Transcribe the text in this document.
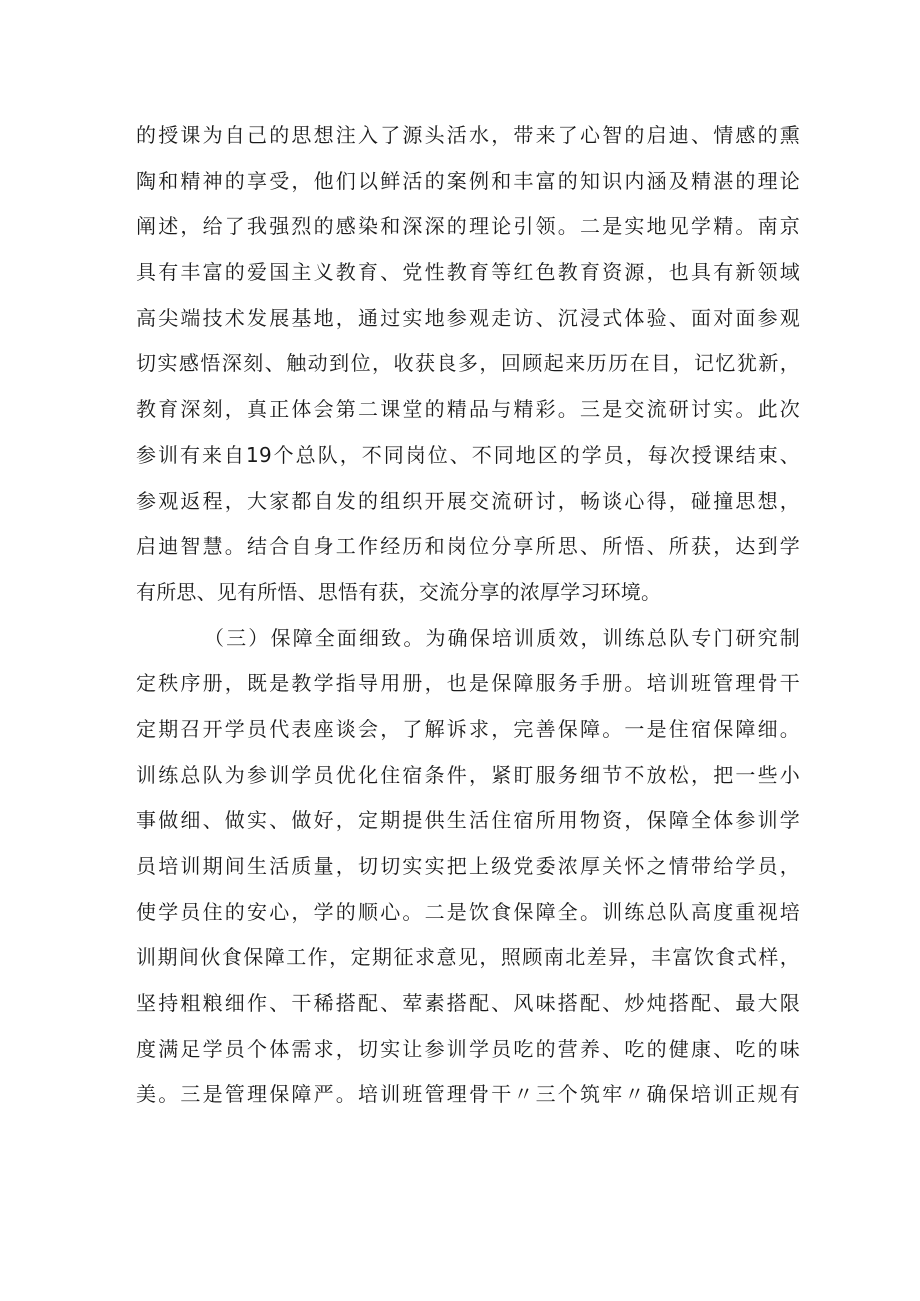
的授课为自己的思想注入了源头活水，带来了心智的启迪、情感的熏
陶和精神的享受，他们以鲜活的案例和丰富的知识内涵及精湛的理论
阐述，给了我强烈的感染和深深的理论引领。二是实地见学精。南京
具有丰富的爱国主义教育、党性教育等红色教育资源，也具有新领域
高尖端技术发展基地，通过实地参观走访、沉浸式体验、面对面参观
切实感悟深刻、触动到位，收获良多，回顾起来历历在目，记忆犹新，
教育深刻，真正体会第二课堂的精品与精彩。三是交流研讨实。此次
参训有来自19个总队，不同岗位、不同地区的学员，每次授课结束、
参观返程，大家都自发的组织开展交流研讨，畅谈心得，碰撞思想，
启迪智慧。结合自身工作经历和岗位分享所思、所悟、所获，达到学
有所思、见有所悟、思悟有获，交流分享的浓厚学习环境。
（三）保障全面细致。为确保培训质效，训练总队专门研究制
定秩序册，既是教学指导用册，也是保障服务手册。培训班管理骨干
定期召开学员代表座谈会，了解诉求，完善保障。一是住宿保障细。
训练总队为参训学员优化住宿条件，紧盯服务细节不放松，把一些小
事做细、做实、做好，定期提供生活住宿所用物资，保障全体参训学
员培训期间生活质量，切切实实把上级党委浓厚关怀之情带给学员，
使学员住的安心，学的顺心。二是饮食保障全。训练总队高度重视培
训期间伙食保障工作，定期征求意见，照顾南北差异，丰富饮食式样，
坚持粗粮细作、干稀搭配、荤素搭配、风味搭配、炒炖搭配、最大限
度满足学员个体需求，切实让参训学员吃的营养、吃的健康、吃的味
美。三是管理保障严。培训班管理骨干〃三个筑牢〃确保培训正规有
